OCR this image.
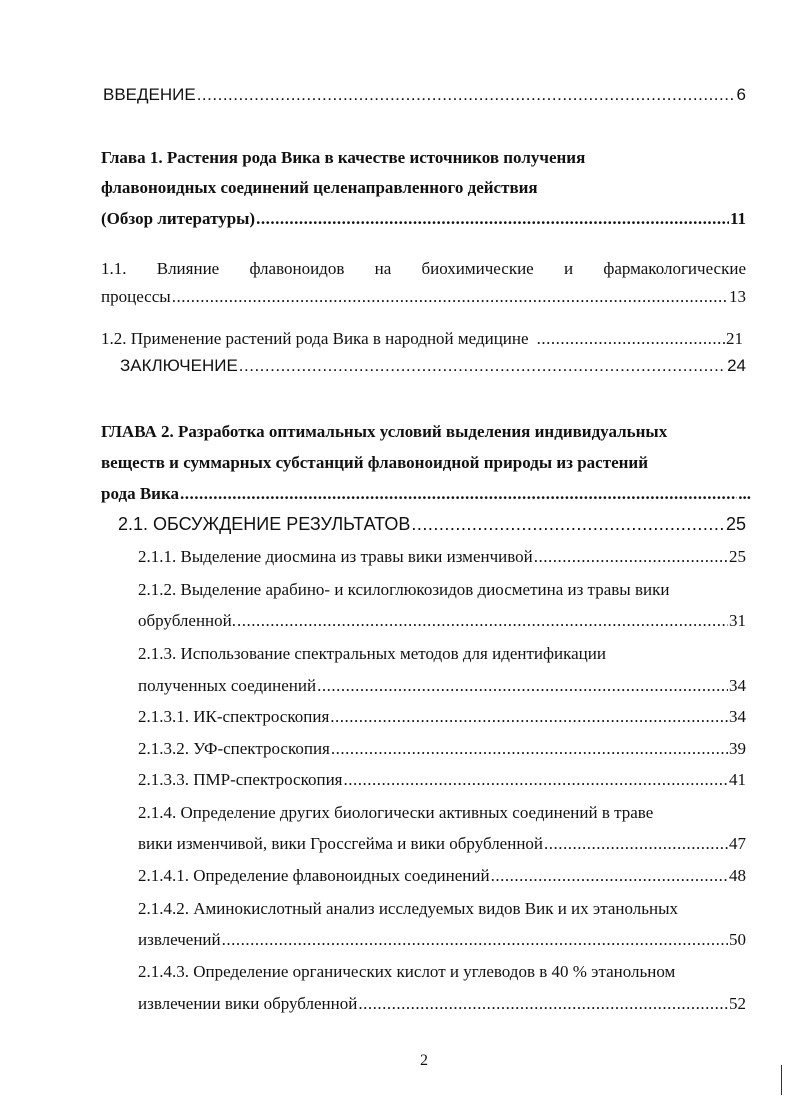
ВВЕДЕНИЕ .....	6
Глава 1. Растения рода Вика в качестве источников получения
флавоноидных соединений целенаправленного действия
(Обзор литературы) .....	11
1.1. Влияние флавоноидов на биохимические и фармакологические
процессы .....	13
1.2. Применение растений рода Вика в народной медицине .....	21
ЗАКЛЮЧЕНИЕ .....	24
ГЛАВА 2. Разработка оптимальных условий выделения индивидуальных
веществ и суммарных субстанций флавоноидной природы из растений
рода Вика .....	...
2.1. ОБСУЖДЕНИЕ РЕЗУЛЬТАТОВ .....	25
2.1.1. Выделение диосмина из травы вики изменчивой .....	25
2.1.2. Выделение арабино- и ксилоглюкозидов диосметина из травы вики
обрубленной. .....	31
2.1.3. Использование спектральных методов для идентификации
полученных соединений .....	34
2.1.3.1. ИК-спектроскопия .....	34
2.1.3.2. УФ-спектроскопия .....	39
2.1.3.3. ПМР-спектроскопия .....	41
2.1.4. Определение других биологически активных соединений в траве
вики изменчивой, вики Гроссгейма и вики обрубленной .....	47
2.1.4.1. Определение флавоноидных соединений .....	48
2.1.4.2. Аминокислотный анализ исследуемых видов Вик и их этанольных
извлечений .....	50
2.1.4.3. Определение органических кислот и углеводов в 40 % этанольном
извлечении вики обрубленной .....	52
2
